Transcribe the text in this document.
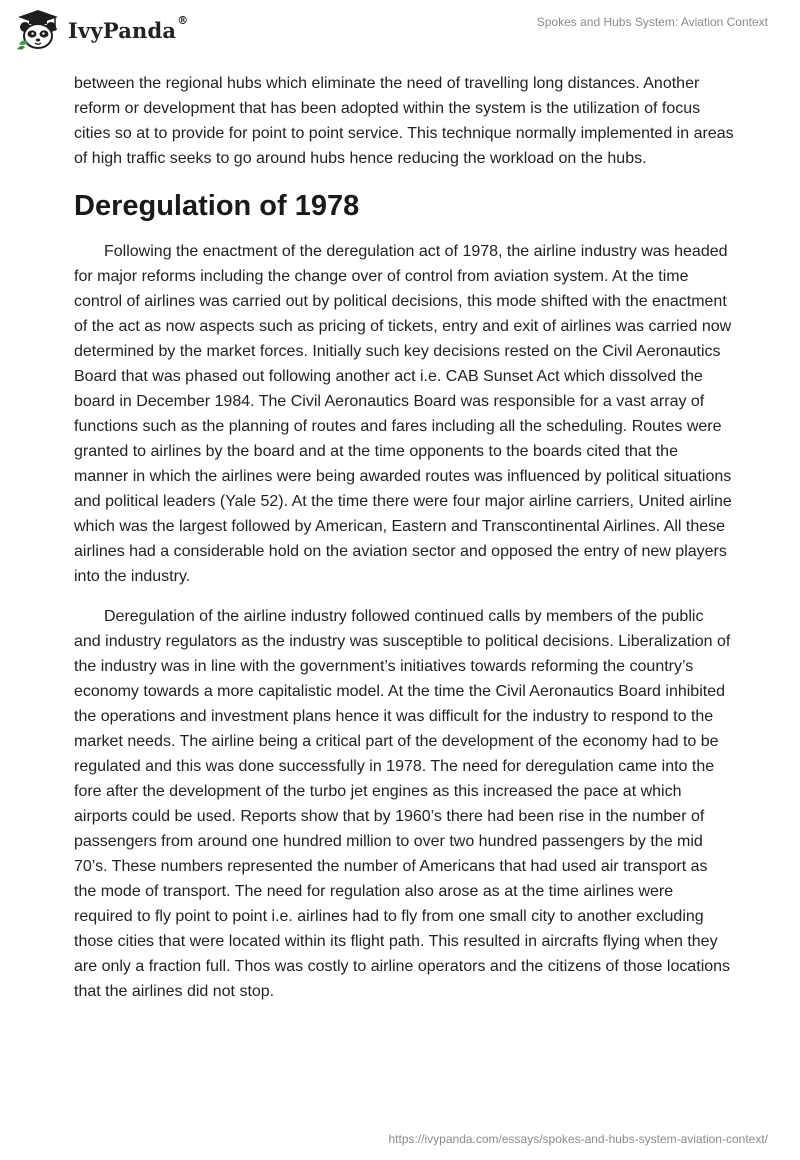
IvyPanda®	Spokes and Hubs System: Aviation Context

between the regional hubs which eliminate the need of travelling long distances. Another reform or development that has been adopted within the system is the utilization of focus cities so at to provide for point to point service. This technique normally implemented in areas of high traffic seeks to go around hubs hence reducing the workload on the hubs.

Deregulation of 1978

Following the enactment of the deregulation act of 1978, the airline industry was headed for major reforms including the change over of control from aviation system. At the time control of airlines was carried out by political decisions, this mode shifted with the enactment of the act as now aspects such as pricing of tickets, entry and exit of airlines was carried now determined by the market forces. Initially such key decisions rested on the Civil Aeronautics Board that was phased out following another act i.e. CAB Sunset Act which dissolved the board in December 1984. The Civil Aeronautics Board was responsible for a vast array of functions such as the planning of routes and fares including all the scheduling. Routes were granted to airlines by the board and at the time opponents to the boards cited that the manner in which the airlines were being awarded routes was influenced by political situations and political leaders (Yale 52). At the time there were four major airline carriers, United airline which was the largest followed by American, Eastern and Transcontinental Airlines. All these airlines had a considerable hold on the aviation sector and opposed the entry of new players into the industry.

Deregulation of the airline industry followed continued calls by members of the public and industry regulators as the industry was susceptible to political decisions. Liberalization of the industry was in line with the government’s initiatives towards reforming the country’s economy towards a more capitalistic model. At the time the Civil Aeronautics Board inhibited the operations and investment plans hence it was difficult for the industry to respond to the market needs. The airline being a critical part of the development of the economy had to be regulated and this was done successfully in 1978. The need for deregulation came into the fore after the development of the turbo jet engines as this increased the pace at which airports could be used. Reports show that by 1960’s there had been rise in the number of passengers from around one hundred million to over two hundred passengers by the mid 70’s. These numbers represented the number of Americans that had used air transport as the mode of transport. The need for regulation also arose as at the time airlines were required to fly point to point i.e. airlines had to fly from one small city to another excluding those cities that were located within its flight path. This resulted in aircrafts flying when they are only a fraction full. Thos was costly to airline operators and the citizens of those locations that the airlines did not stop.

https://ivypanda.com/essays/spokes-and-hubs-system-aviation-context/
